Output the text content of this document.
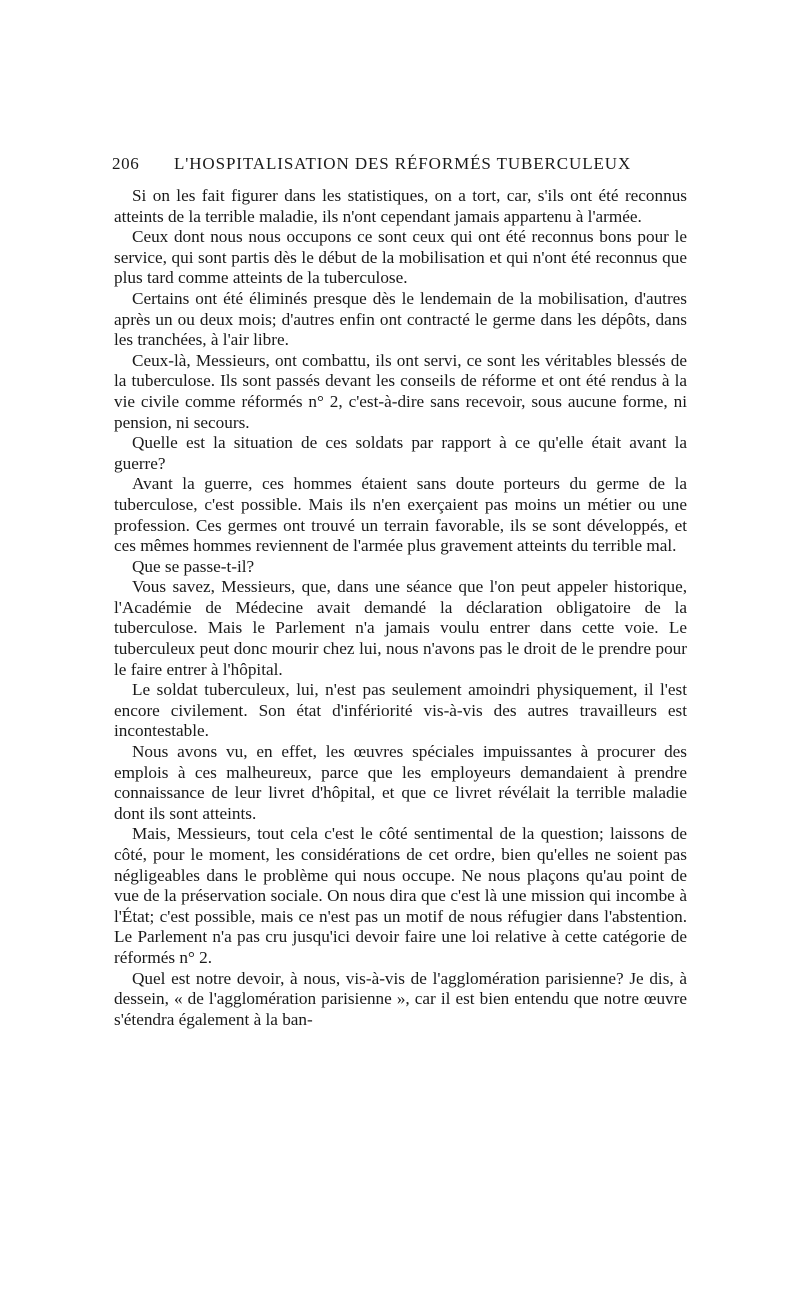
206 L'HOSPITALISATION DES RÉFORMÉS TUBERCULEUX

Si on les fait figurer dans les statistiques, on a tort, car, s'ils ont été reconnus atteints de la terrible maladie, ils n'ont cependant jamais appartenu à l'armée.

Ceux dont nous nous occupons ce sont ceux qui ont été reconnus bons pour le service, qui sont partis dès le début de la mobilisation et qui n'ont été reconnus que plus tard comme atteints de la tuberculose.

Certains ont été éliminés presque dès le lendemain de la mobilisation, d'autres après un ou deux mois; d'autres enfin ont contracté le germe dans les dépôts, dans les tranchées, à l'air libre.

Ceux-là, Messieurs, ont combattu, ils ont servi, ce sont les véritables blessés de la tuberculose. Ils sont passés devant les conseils de réforme et ont été rendus à la vie civile comme réformés n° 2, c'est-à-dire sans recevoir, sous aucune forme, ni pension, ni secours.

Quelle est la situation de ces soldats par rapport à ce qu'elle était avant la guerre?

Avant la guerre, ces hommes étaient sans doute porteurs du germe de la tuberculose, c'est possible. Mais ils n'en exerçaient pas moins un métier ou une profession. Ces germes ont trouvé un terrain favorable, ils se sont développés, et ces mêmes hommes reviennent de l'armée plus gravement atteints du terrible mal.

Que se passe-t-il?

Vous savez, Messieurs, que, dans une séance que l'on peut appeler historique, l'Académie de Médecine avait demandé la déclaration obligatoire de la tuberculose. Mais le Parlement n'a jamais voulu entrer dans cette voie. Le tuberculeux peut donc mourir chez lui, nous n'avons pas le droit de le prendre pour le faire entrer à l'hôpital.

Le soldat tuberculeux, lui, n'est pas seulement amoindri physiquement, il l'est encore civilement. Son état d'infériorité vis-à-vis des autres travailleurs est incontestable.

Nous avons vu, en effet, les œuvres spéciales impuissantes à procurer des emplois à ces malheureux, parce que les employeurs demandaient à prendre connaissance de leur livret d'hôpital, et que ce livret révélait la terrible maladie dont ils sont atteints.

Mais, Messieurs, tout cela c'est le côté sentimental de la question; laissons de côté, pour le moment, les considérations de cet ordre, bien qu'elles ne soient pas négligeables dans le problème qui nous occupe. Ne nous plaçons qu'au point de vue de la préservation sociale. On nous dira que c'est là une mission qui incombe à l'État; c'est possible, mais ce n'est pas un motif de nous réfugier dans l'abstention. Le Parlement n'a pas cru jusqu'ici devoir faire une loi relative à cette catégorie de réformés n° 2.

Quel est notre devoir, à nous, vis-à-vis de l'agglomération parisienne? Je dis, à dessein, « de l'agglomération parisienne », car il est bien entendu que notre œuvre s'étendra également à la ban-
